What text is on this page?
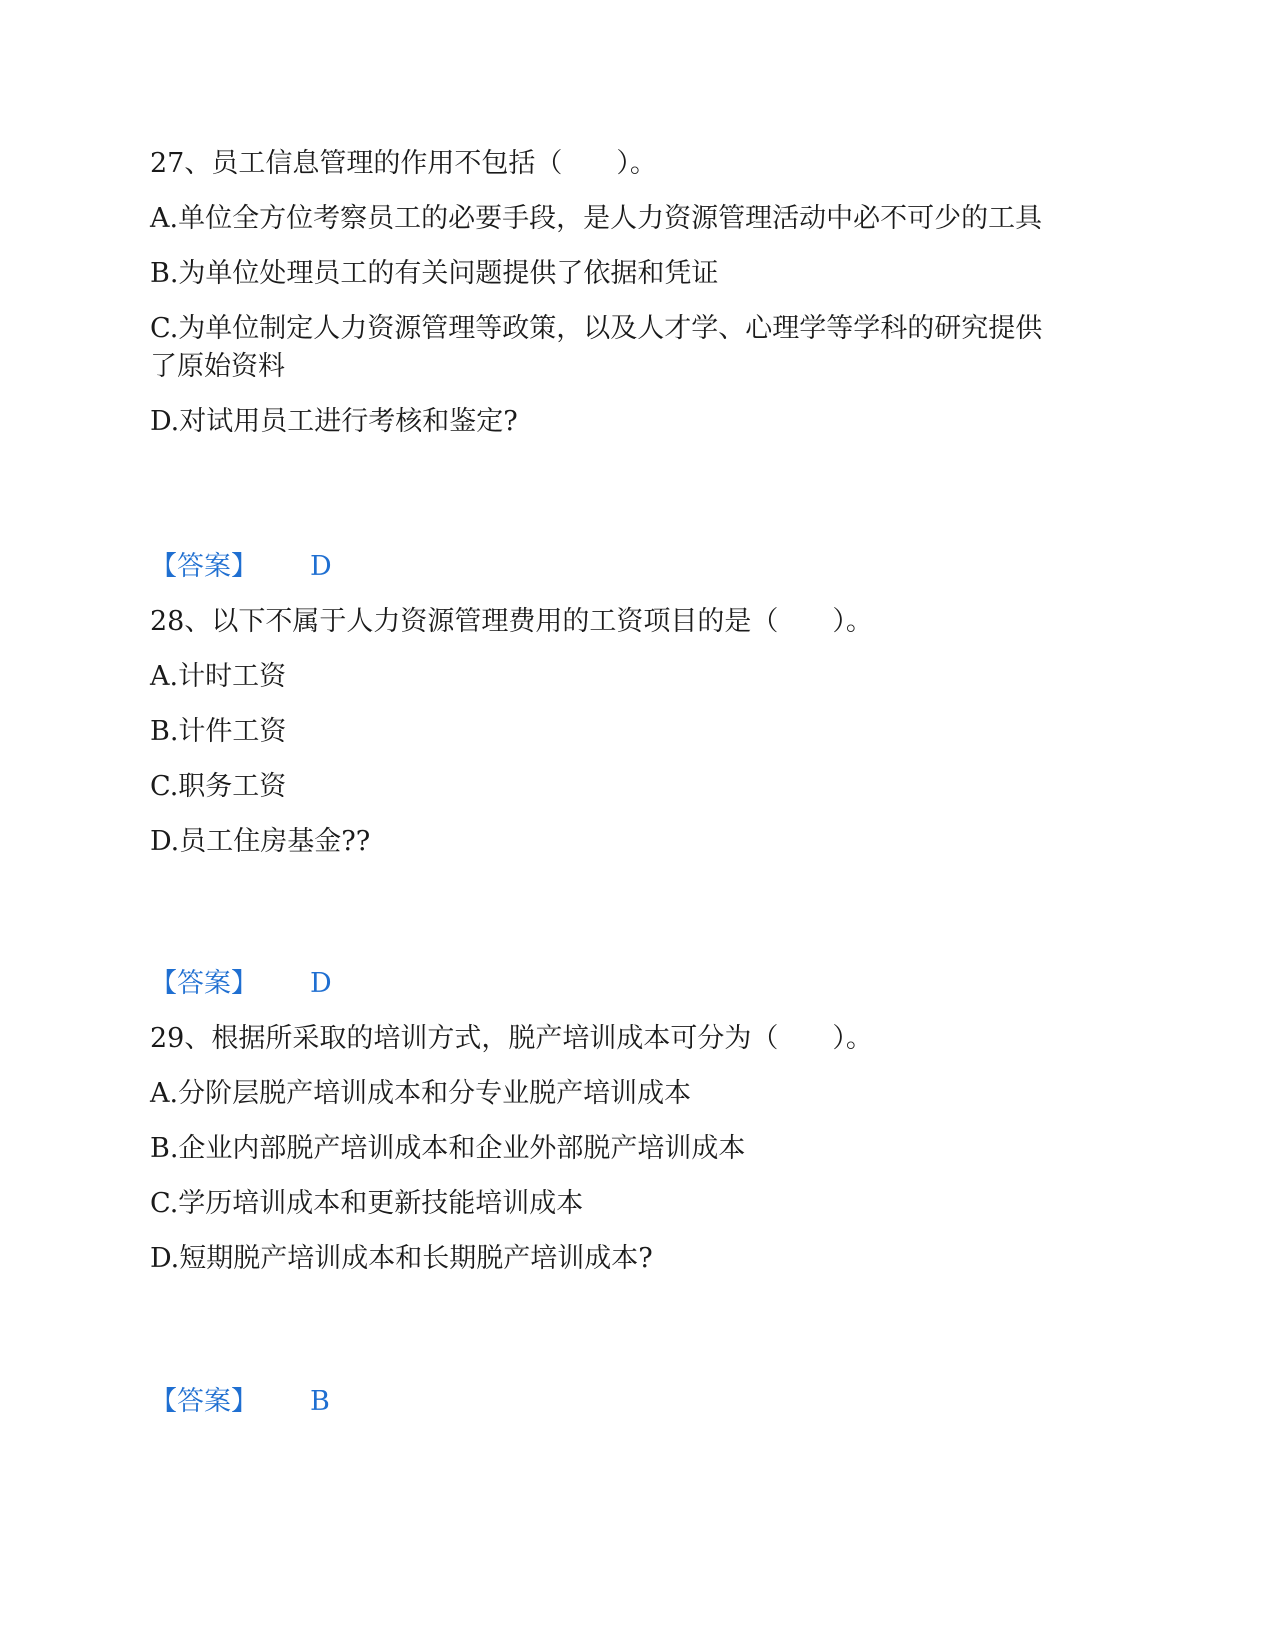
27、员工信息管理的作用不包括（　　）。
A.单位全方位考察员工的必要手段，是人力资源管理活动中必不可少的工具
B.为单位处理员工的有关问题提供了依据和凭证
C.为单位制定人力资源管理等政策，以及人才学、心理学等学科的研究提供
了原始资料
D.对试用员工进行考核和鉴定?
【答案】 D
28、以下不属于人力资源管理费用的工资项目的是（　　）。
A.计时工资
B.计件工资
C.职务工资
D.员工住房基金??
【答案】 D
29、根据所采取的培训方式，脱产培训成本可分为（　　）。
A.分阶层脱产培训成本和分专业脱产培训成本
B.企业内部脱产培训成本和企业外部脱产培训成本
C.学历培训成本和更新技能培训成本
D.短期脱产培训成本和长期脱产培训成本?
【答案】 B
